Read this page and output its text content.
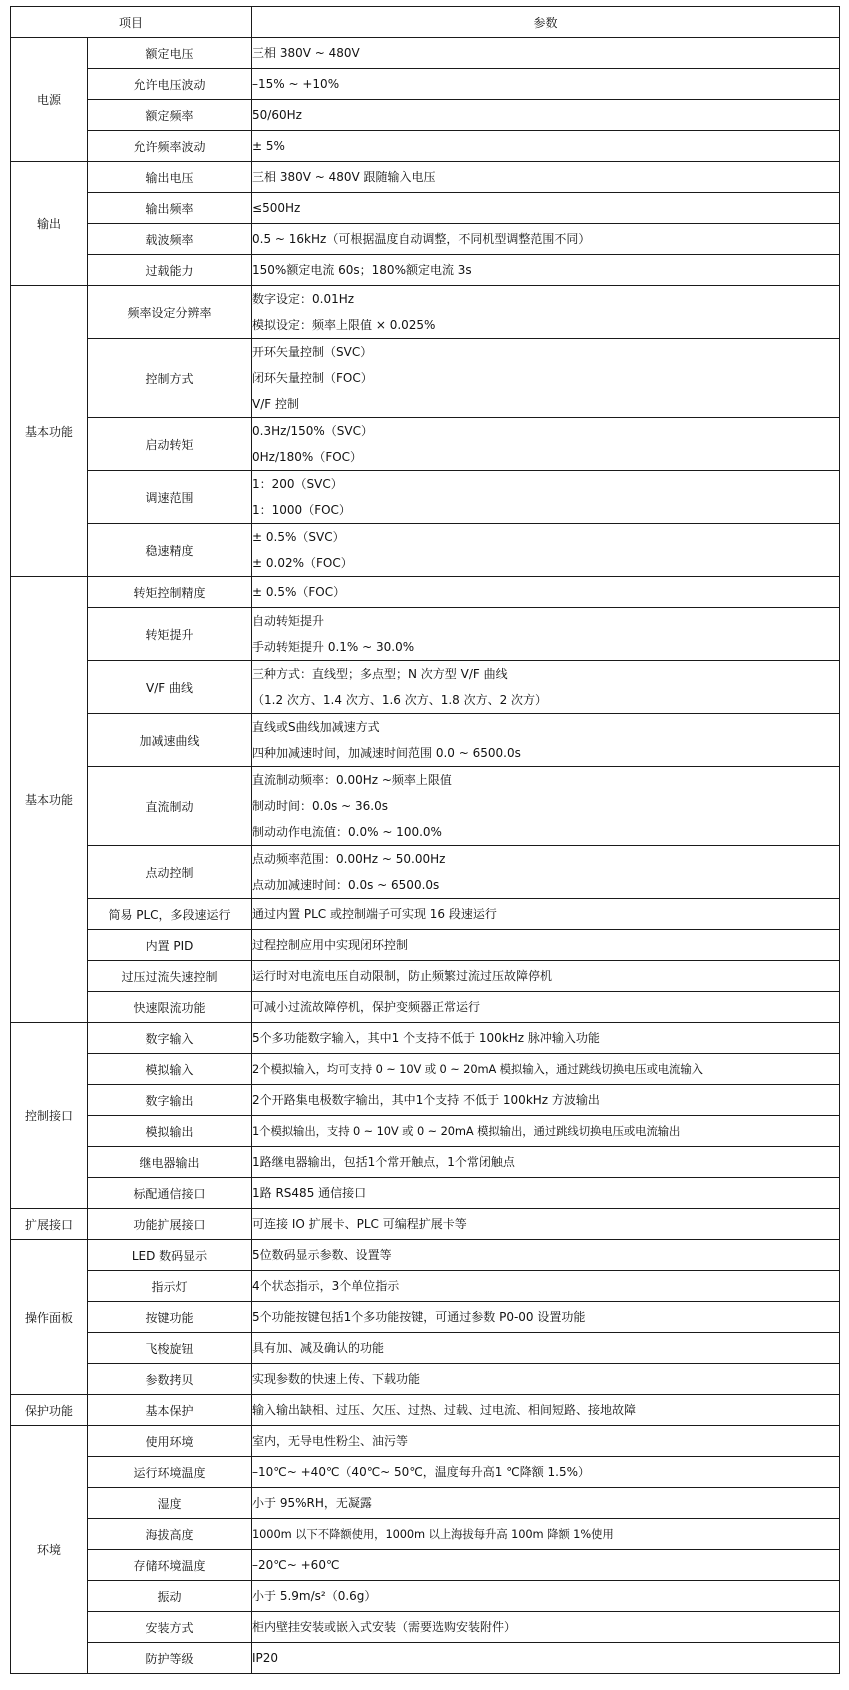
项目		参数
电源	额定电压	三相 380V ~ 480V

	允许电压波动	–15% ~ +10%

	额定频率	50/60Hz

	允许频率波动	± 5%

输出	输出电压	三相 380V ~ 480V 跟随输入电压

	输出频率	≤500Hz

	载波频率	0.5 ~ 16kHz（可根据温度自动调整，不同机型调整范围不同）

	过载能力	150%额定电流 60s；180%额定电流 3s

基本功能	频率设定分辨率	数字设定：0.01Hz
模拟设定：频率上限值 × 0.025%

	控制方式	开环矢量控制（SVC）
闭环矢量控制（FOC）
V/F 控制

	启动转矩	0.3Hz/150%（SVC）
0Hz/180%（FOC）

	调速范围	1：200（SVC）
1：1000（FOC）

	稳速精度	± 0.5%（SVC）
± 0.02%（FOC）

基本功能	转矩控制精度	± 0.5%（FOC）

	转矩提升	自动转矩提升
手动转矩提升 0.1% ~ 30.0%

	V/F 曲线	三种方式：直线型；多点型；N 次方型 V/F 曲线
（1.2 次方、1.4 次方、1.6 次方、1.8 次方、2 次方）

	加减速曲线	直线或S曲线加减速方式
四种加减速时间，加减速时间范围 0.0 ~ 6500.0s

	直流制动	直流制动频率：0.00Hz ~频率上限值
制动时间：0.0s ~ 36.0s
制动动作电流值：0.0% ~ 100.0%

	点动控制	点动频率范围：0.00Hz ~ 50.00Hz
点动加减速时间：0.0s ~ 6500.0s

	简易 PLC，多段速运行	通过内置 PLC 或控制端子可实现 16 段速运行

	内置 PID	过程控制应用中实现闭环控制

	过压过流失速控制	运行时对电流电压自动限制，防止频繁过流过压故障停机

	快速限流功能	可减小过流故障停机，保护变频器正常运行

控制接口	数字输入	5个多功能数字输入，其中1 个支持不低于 100kHz 脉冲输入功能

	模拟输入	2个模拟输入，均可支持 0 ~ 10V 或 0 ~ 20mA 模拟输入，通过跳线切换电压或电流输入

	数字输出	2个开路集电极数字输出，其中1个支持 不低于 100kHz 方波输出

	模拟输出	1个模拟输出，支持 0 ~ 10V 或 0 ~ 20mA 模拟输出，通过跳线切换电压或电流输出

	继电器输出	1路继电器输出，包括1个常开触点，1个常闭触点

	标配通信接口	1路 RS485 通信接口

扩展接口	功能扩展接口	可连接 IO 扩展卡、PLC 可编程扩展卡等

操作面板	LED 数码显示	5位数码显示参数、设置等

	指示灯	4个状态指示，3个单位指示

	按键功能	5个功能按键包括1个多功能按键，可通过参数 P0-00 设置功能

	飞梭旋钮	具有加、减及确认的功能

	参数拷贝	实现参数的快速上传、下载功能

保护功能	基本保护	输入输出缺相、过压、欠压、过热、过载、过电流、相间短路、接地故障

环境	使用环境	室内，无导电性粉尘、油污等

	运行环境温度	–10℃~ +40℃（40℃~ 50℃，温度每升高1 ℃降额 1.5%）

	湿度	小于 95%RH，无凝露

	海拔高度	1000m 以下不降额使用，1000m 以上海拔每升高 100m 降额 1%使用

	存储环境温度	–20℃~ +60℃

	振动	小于 5.9m/s²（0.6g）

	安装方式	柜内壁挂安装或嵌入式安装（需要选购安装附件）

	防护等级	IP20
